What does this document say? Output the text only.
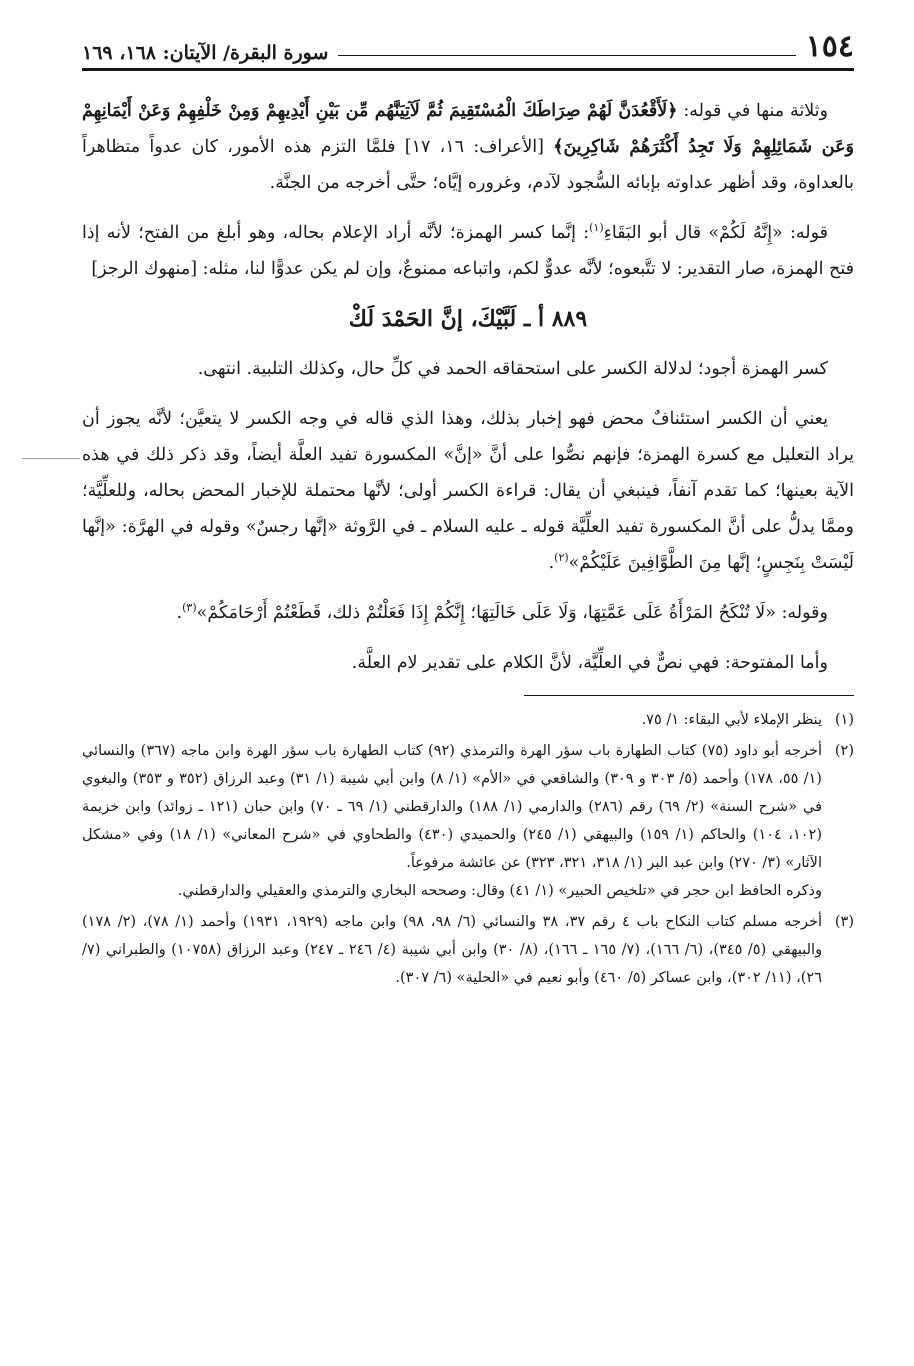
١٥٤
سورة البقرة/ الآيتان: ١٦٨، ١٦٩

وثلاثة منها في قوله: ﴿لَأَقْعُدَنَّ لَهُمْ صِرَاطَكَ الْمُسْتَقِيمَ ثُمَّ لَآتِيَنَّهُم مِّن بَيْنِ أَيْدِيهِمْ وَمِنْ خَلْفِهِمْ وَعَنْ أَيْمَانِهِمْ وَعَن شَمَائِلِهِمْ وَلَا تَجِدُ أَكْثَرَهُمْ شَاكِرِينَ﴾ [الأعراف: ١٦، ١٧] فلمَّا التزم هذه الأمور، كان عدواً متظاهراً بالعداوة، وقد أظهر عداوته بإبائه السُّجود لآدم، وغروره إيَّاه؛ حتَّى أخرجه من الجنَّة.

قوله: «إِنَّهُ لَكُمْ» قال أبو البَقَاءِ$^{(١)}$: إنَّما كسر الهمزة؛ لأنَّه أراد الإعلام بحاله، وهو أبلغ من الفتح؛ لأنه إذا فتح الهمزة، صار التقدير: لا تتَّبعوه؛ لأنَّه عدوٌّ لكم، واتباعه ممنوعٌ، وإن لم يكن عدوًّا لنا، مثله: [منهوك الرجز]

٨٨٩ أ ـ لَبَّيْكَ، إنَّ الحَمْدَ لَكْ

كسر الهمزة أجود؛ لدلالة الكسر على استحقاقه الحمد في كلِّ حال، وكذلك التلبية. انتهى.

يعني أن الكسر استئنافٌ محض فهو إخبار بذلك، وهذا الذي قاله في وجه الكسر لا يتعيَّن؛ لأنَّه يجوز أن يراد التعليل مع كسرة الهمزة؛ فإنهم نصُّوا على أنَّ «إنَّ» المكسورة تفيد العلَّة أيضاً، وقد ذكر ذلك في هذه الآية بعينها؛ كما تقدم آنفاً، فينبغي أن يقال: قراءة الكسر أولى؛ لأنَّها محتملة للإخبار المحض بحاله، وللعلِّيَّة؛ وممَّا يدلُّ على أنَّ المكسورة تفيد العلِّيَّة قوله ـ عليه السلام ـ في الرَّوثة «إنَّها رجسٌ» وقوله في الهرَّة: «إنَّها لَيْسَتْ بِنَجِسٍ؛ إنَّها مِنَ الطَّوَّافِينَ عَلَيْكُمْ»$^{(٢)}$.

وقوله: «لَا تُنْكَحُ المَرْأَةُ عَلَى عَمَّتِهَا، وَلَا عَلَى خَالَتِهَا؛ إِنَّكُمْ إِذَا فَعَلْتُمْ ذلك، قَطَعْتُمْ أَرْحَامَكُمْ»$^{(٣)}$.

وأما المفتوحة: فهي نصٌّ في العلِّيَّة، لأنَّ الكلام على تقدير لام العلَّة.

(١)
ينظر الإملاء لأبي البقاء: ١/ ٧٥.
(٢)
أخرجه أبو داود (٧٥) كتاب الطهارة باب سؤر الهرة والترمذي (٩٢) كتاب الطهارة باب سؤر الهرة وابن ماجه (٣٦٧) والنسائي (١/ ٥٥، ١٧٨) وأحمد (٥/ ٣٠٣ و ٣٠٩) والشافعي في «الأم» (١/ ٨) وابن أبي شيبة (١/ ٣١) وعبد الرزاق (٣٥٢ و ٣٥٣) والبغوي في «شرح السنة» (٢/ ٦٩) رقم (٢٨٦) والدارمي (١/ ١٨٨) والدارقطني (١/ ٦٩ ـ ٧٠) وابن حبان (١٢١ ـ زوائد) وابن خزيمة (١٠٢، ١٠٤) والحاكم (١/ ١٥٩) والبيهقي (١/ ٢٤٥) والحميدي (٤٣٠) والطحاوي في «شرح المعاني» (١/ ١٨) وفي «مشكل الآثار» (٣/ ٢٧٠) وابن عبد البر (١/ ٣١٨، ٣٢١، ٣٢٣) عن عائشة مرفوعاً.
وذكره الحافظ ابن حجر في «تلخيص الحبير» (١/ ٤١) وقال: وصححه البخاري والترمذي والعقيلي والدارقطني.
(٣)
أخرجه مسلم كتاب النكاح باب ٤ رقم ٣٧، ٣٨ والنسائي (٦/ ٩٨، ٩٨) وابن ماجه (١٩٢٩، ١٩٣١) وأحمد (١/ ٧٨)، (٢/ ١٧٨) والبيهقي (٥/ ٣٤٥)، (٦/ ١٦٦)، (٧/ ١٦٥ ـ ١٦٦)، (٨/ ٣٠) وابن أبي شيبة (٤/ ٢٤٦ ـ ٢٤٧) وعبد الرزاق (١٠٧٥٨) والطبراني (٧/ ٢٦)، (١١/ ٣٠٢)، وابن عساكر (٥/ ٤٦٠) وأبو نعيم في «الحلية» (٦/ ٣٠٧).
